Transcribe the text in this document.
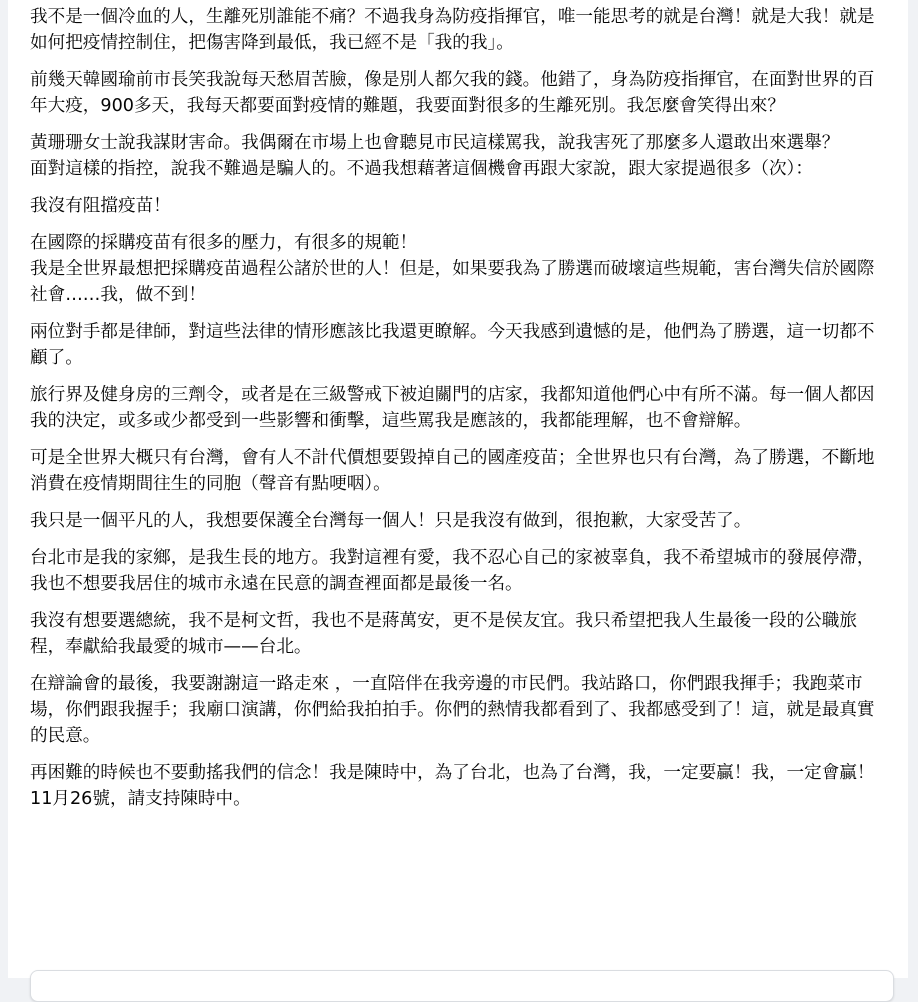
我不是一個冷血的人，生離死別誰能不痛？不過我身為防疫指揮官，唯一能思考的就是台灣！就是大我！就是如何把疫情控制住，把傷害降到最低，我已經不是「我的我」。

前幾天韓國瑜前市長笑我說每天愁眉苦臉，像是別人都欠我的錢。他錯了，身為防疫指揮官，在面對世界的百年大疫，900多天，我每天都要面對疫情的難題，我要面對很多的生離死別。我怎麼會笑得出來？

黃珊珊女士說我謀財害命。我偶爾在市場上也會聽見市民這樣罵我，說我害死了那麼多人還敢出來選舉？
面對這樣的指控，說我不難過是騙人的。不過我想藉著這個機會再跟大家說，跟大家提過很多（次）：

我沒有阻擋疫苗！

在國際的採購疫苗有很多的壓力，有很多的規範！
我是全世界最想把採購疫苗過程公諸於世的人！但是，如果要我為了勝選而破壞這些規範，害台灣失信於國際社會……我，做不到！

兩位對手都是律師，對這些法律的情形應該比我還更瞭解。今天我感到遺憾的是，他們為了勝選，這一切都不顧了。

旅行界及健身房的三劑令，或者是在三級警戒下被迫關門的店家，我都知道他們心中有所不滿。每一個人都因我的決定，或多或少都受到一些影響和衝擊，這些罵我是應該的，我都能理解，也不會辯解。

可是全世界大概只有台灣，會有人不計代價想要毀掉自己的國產疫苗；全世界也只有台灣，為了勝選，不斷地消費在疫情期間往生的同胞（聲音有點哽咽）。

我只是一個平凡的人，我想要保護全台灣每一個人！只是我沒有做到，很抱歉，大家受苦了。

台北市是我的家鄉，是我生長的地方。我對這裡有愛，我不忍心自己的家被辜負，我不希望城市的發展停滯，我也不想要我居住的城市永遠在民意的調查裡面都是最後一名。

我沒有想要選總統，我不是柯文哲，我也不是蔣萬安，更不是侯友宜。我只希望把我人生最後一段的公職旅程，奉獻給我最愛的城市——台北。

在辯論會的最後，我要謝謝這一路走來 ，一直陪伴在我旁邊的市民們。我站路口，你們跟我揮手；我跑菜市場，你們跟我握手；我廟口演講，你們給我拍拍手。你們的熱情我都看到了、我都感受到了！這，就是最真實的民意。

再困難的時候也不要動搖我們的信念！我是陳時中，為了台北，也為了台灣，我，一定要贏！我，一定會贏！
11月26號，請支持陳時中。
